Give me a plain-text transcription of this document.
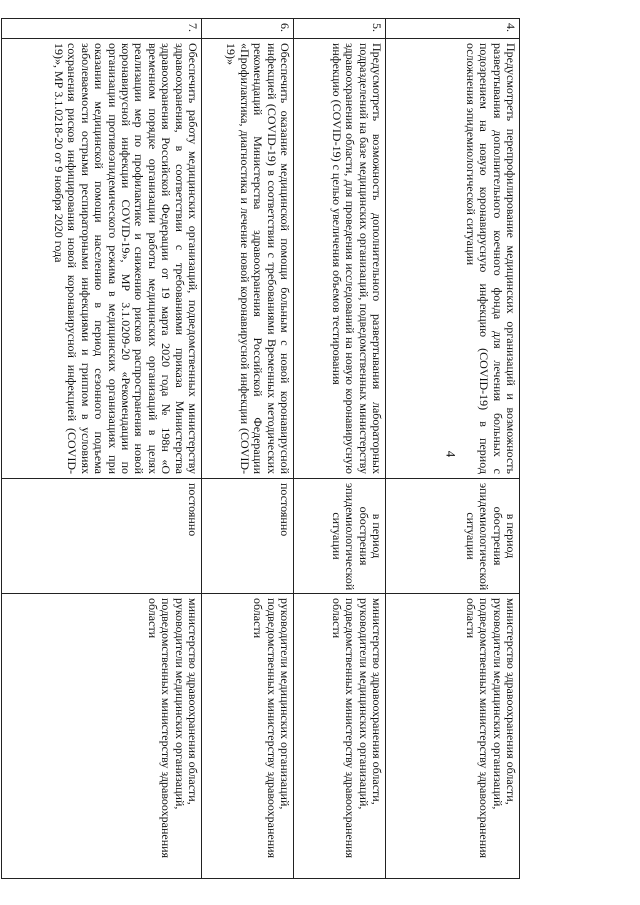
4
4.	Предусмотреть перепрофилирование медицинских организаций и возможность развертывания дополнительного коечного фонда для лечения больных с подозрением на новую коронавирусную инфекцию (COVID-19) в период осложнения эпидемиологической ситуации	в период обострения эпидемиологической ситуации	министерство здравоохранения области, руководители медицинских организаций, подведомственных министерству здравоохранения области
5.	Предусмотреть возможность дополнительного развертывания лабораторных подразделений на базе медицинских организаций, подведомственных министерству здравоохранения области, для проведения исследований на новую коронавирусную инфекцию (COVID-19) с целью увеличения объемов тестирования	в период обострения эпидемиологической ситуации	министерство здравоохранения области, руководители медицинских организаций, подведомственных министерству здравоохранения области
6.	Обеспечить оказание медицинской помощи больным с новой коронавирусной инфекцией (COVID-19) в соответствии с требованиями Временных методических рекомендаций Министерства здравоохранения Российской Федерации «Профилактика, диагностика и лечение новой коронавирусной инфекции (COVID-19)»	постоянно	руководители медицинских организаций, подведомственных министерству здравоохранения области
7.	Обеспечить работу медицинских организаций, подведомственных министерству здравоохранения, в соответствии с требованиями приказа Министерства здравоохранения Российской Федерации от 19 марта 2020 года № 198н «О временном порядке организации работы медицинских организаций в целях реализации мер по профилактике и снижению рисков распространения новой коронавирусной инфекции COVID-19», МР 3.1.0209-20 «Рекомендации по организации противоэпидемического режима в медицинских организациях при оказании медицинской помощи населению в период сезонного подъема заболеваемости острыми респираторными инфекциями и гриппом в условиях сохранения рисков инфицирования новой коронавирусной инфекцией (COVID-19)», МР 3.1.0218-20 от 9 ноября 2020 года	постоянно	министерство здравоохранения области, руководители медицинских организаций, подведомственных министерству здравоохранения области
